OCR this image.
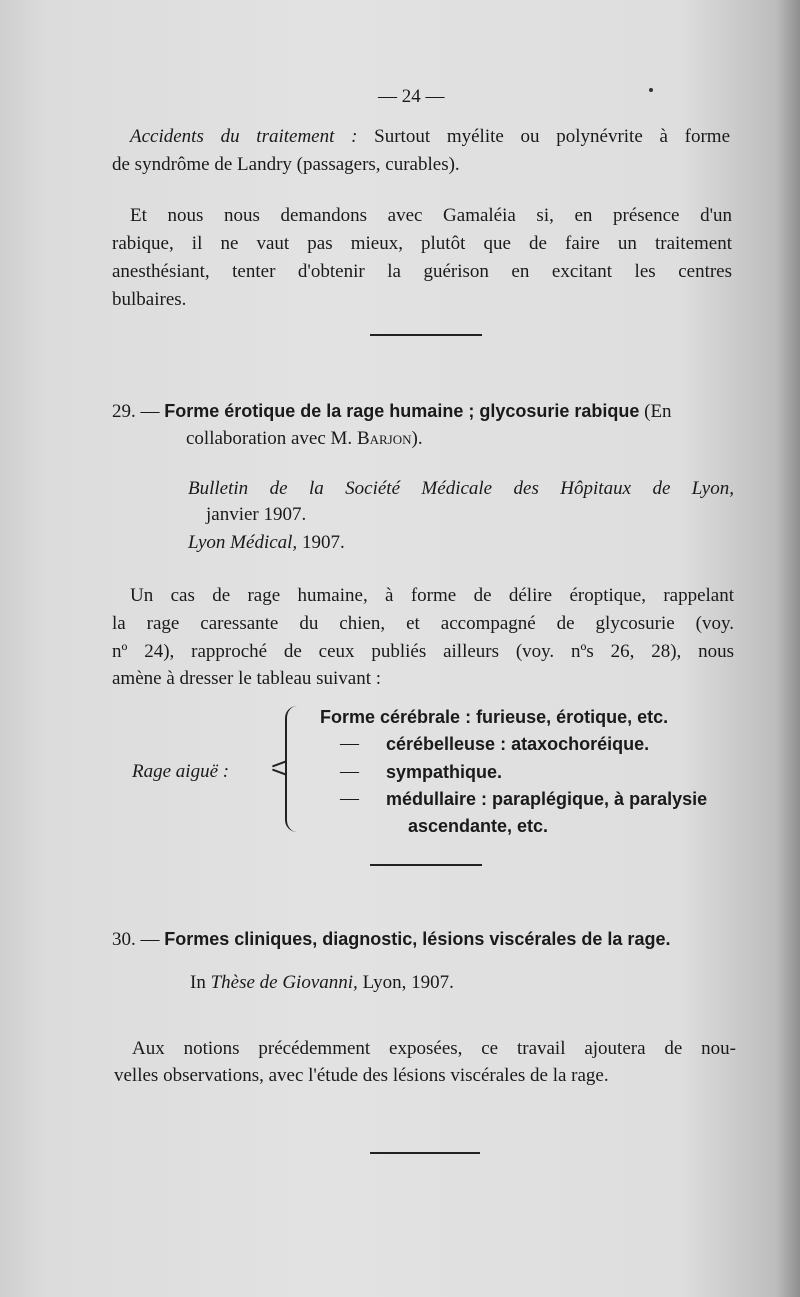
— 24 —
Accidents du traitement : Surtout myélite ou polynévrite à forme
de syndrôme de Landry (passagers, curables).
Et nous nous demandons avec Gamaléia si, en présence d'un
rabique, il ne vaut pas mieux, plutôt que de faire un traitement
anesthésiant, tenter d'obtenir la guérison en excitant les centres
bulbaires.
29. — Forme érotique de la rage humaine ; glycosurie rabique (En
collaboration avec M. Barjon).
Bulletin de la Société Médicale des Hôpitaux de Lyon,
janvier 1907.
Lyon Médical, 1907.
Un cas de rage humaine, à forme de délire éroptique, rappelant
la rage caressante du chien, et accompagné de glycosurie (voy.
nº 24), rapproché de ceux publiés ailleurs (voy. nºs 26, 28), nous
amène à dresser le tableau suivant :
Rage aiguë :
Forme cérébrale : furieuse, érotique, etc.
— cérébelleuse : ataxochoréique.
— sympathique.
— médullaire : paraplégique, à paralysie
ascendante, etc.
30. — Formes cliniques, diagnostic, lésions viscérales de la rage.
In Thèse de Giovanni, Lyon, 1907.
Aux notions précédemment exposées, ce travail ajoutera de nou-
velles observations, avec l'étude des lésions viscérales de la rage.
